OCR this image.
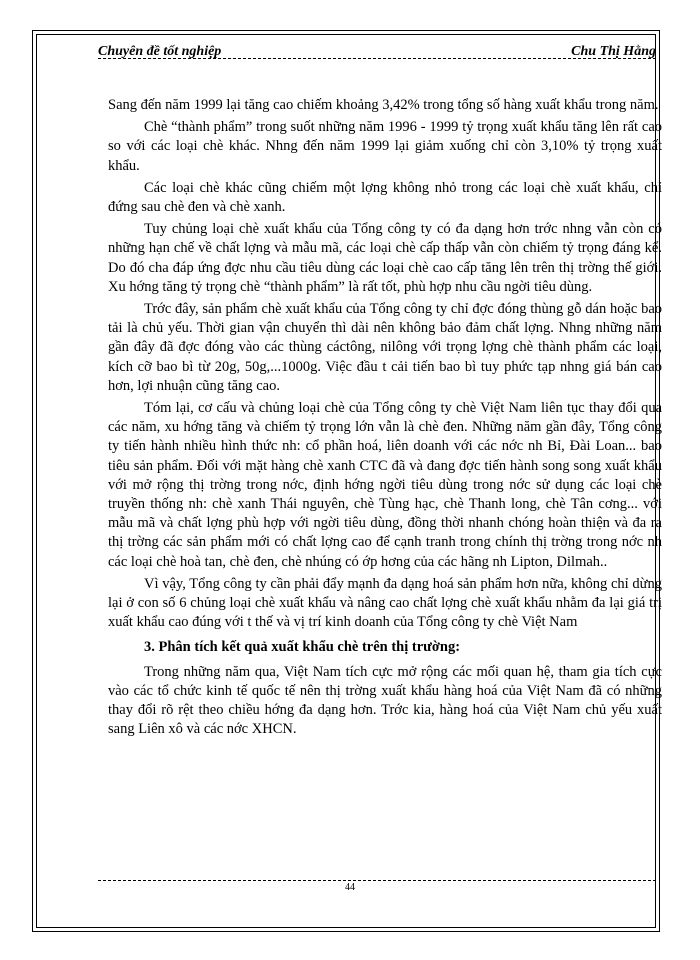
Chuyên đề tốt nghiệp	Chu Thị Hằng

Sang đến năm 1999 lại tăng cao chiếm khoảng 3,42% trong tổng số hàng xuất khẩu trong năm.

Chè “thành phẩm” trong suốt những năm 1996 - 1999 tỷ trọng xuất khẩu tăng lên rất cao so với các loại chè khác. Nhng đến năm 1999 lại giảm xuống chỉ còn 3,10% tỷ trọng xuất khẩu.

Các loại chè khác cũng chiếm một lợng không nhỏ trong các loại chè xuất khẩu, chỉ đứng sau chè đen và chè xanh.

Tuy chủng loại chè xuất khẩu của Tổng công ty có đa dạng hơn trớc nhng vẫn còn có những hạn chế về chất lợng và mẫu mã, các loại chè cấp thấp vẫn còn chiếm tỷ trọng đáng kể. Do đó cha đáp ứng đợc nhu cầu tiêu dùng các loại chè cao cấp tăng lên trên thị trờng thế giới. Xu hớng tăng tỷ trọng chè “thành phẩm” là rất tốt, phù hợp nhu cầu ngời tiêu dùng.

Trớc đây, sản phẩm chè xuất khẩu của Tổng công ty chỉ đợc đóng thùng gỗ dán hoặc bao tải là chủ yếu. Thời gian vận chuyển thì dài nên không bảo đảm chất lợng. Nhng những năm gần đây đã đợc đóng vào các thùng cáctông, nilông với trọng lợng chè thành phẩm các loại, kích cỡ bao bì từ 20g, 50g,...1000g. Việc đầu t cải tiến bao bì tuy phức tạp nhng giá bán cao hơn, lợi nhuận cũng tăng cao.

Tóm lại, cơ cấu và chủng loại chè của Tổng công ty chè Việt Nam liên tục thay đổi qua các năm, xu hớng tăng và chiếm tỷ trọng lớn vẫn là chè đen. Những năm gần đây, Tổng công ty tiến hành nhiều hình thức nh: cổ phần hoá, liên doanh với các nớc nh Bỉ, Đài Loan... bao tiêu sản phẩm. Đối với mặt hàng chè xanh CTC đã và đang đợc tiến hành song song xuất khẩu với mở rộng thị trờng trong nớc, định hớng ngời tiêu dùng trong nớc sử dụng các loại chè truyền thống nh: chè xanh Thái nguyên, chè Tùng hạc, chè Thanh long, chè Tân cơng... với mẫu mã và chất lợng phù hợp với ngời tiêu dùng, đồng thời nhanh chóng hoàn thiện và đa ra thị trờng các sản phẩm mới có chất lợng cao để cạnh tranh trong chính thị trờng trong nớc nh các loại chè hoà tan, chè đen, chè nhúng có ớp hơng của các hãng nh Lipton, Dilmah..

Vì vậy, Tổng công ty cần phải đẩy mạnh đa dạng hoá sản phẩm hơn nữa, không chỉ dừng lại ở con số 6 chủng loại chè xuất khẩu và nâng cao chất lợng chè xuất khẩu nhằm đa lại giá trị xuất khẩu cao đúng với t thế và vị trí kinh doanh của Tổng công ty chè Việt Nam

3. Phân tích kết quả xuất khẩu chè trên thị trường:

Trong những năm qua, Việt Nam tích cực mở rộng các mối quan hệ, tham gia tích cực vào các tổ chức kinh tế quốc tế nên thị trờng xuất khẩu hàng hoá của Việt Nam đã có những thay đổi rõ rệt theo chiều hớng đa dạng hơn. Trớc kia, hàng hoá của Việt Nam chủ yếu xuất sang Liên xô và các nớc XHCN.

44
